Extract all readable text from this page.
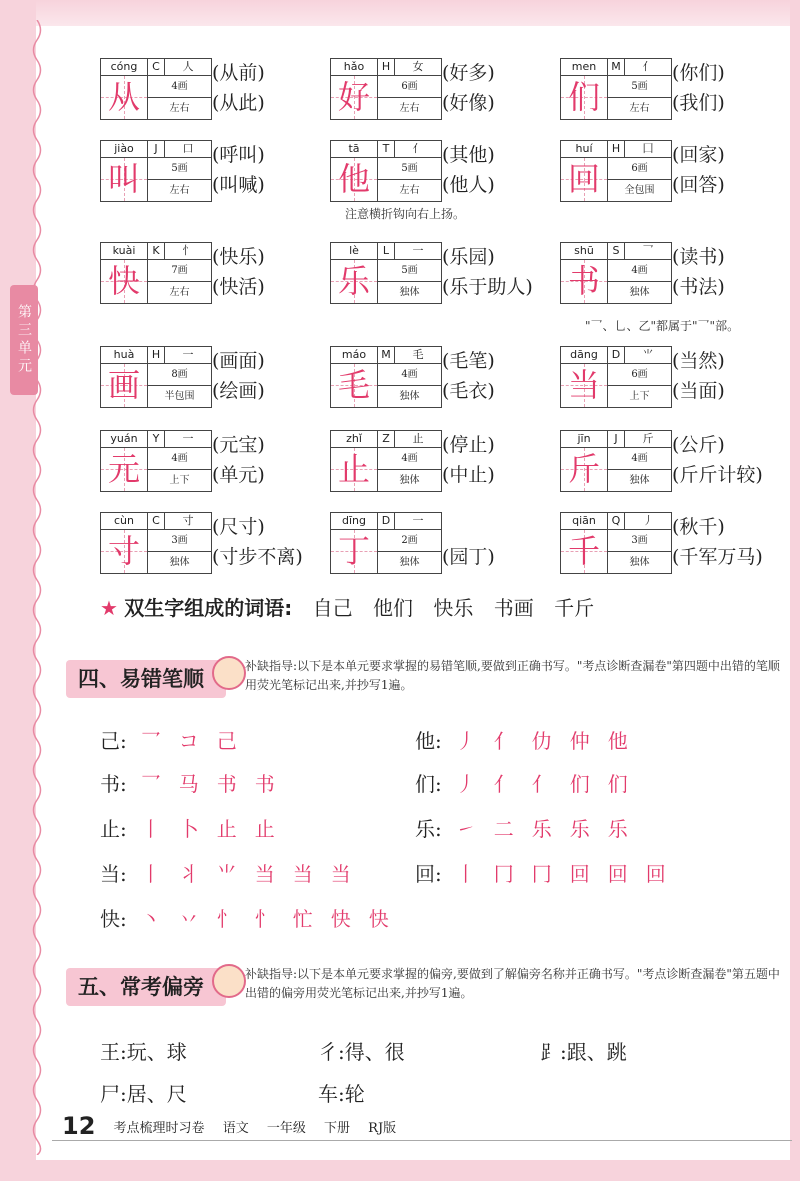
第三单元
cóng	C	人
从	4画
左右
(从前)
(从此)
hǎo	H	女
好	6画
左右
(好多)
(好像)
men	M	亻
们	5画
左右
(你们)
(我们)
jiào	J	口
叫	5画
左右
(呼叫)
(叫喊)
tā	T	亻
他	5画
左右
(其他)
(他人)
huí	H	囗
回	6画
全包围
(回家)
(回答)
kuài	K	忄
快	7画
左右
(快乐)
(快活)
lè	L	一
乐	5画
独体
(乐园)
(乐于助人)
shū	S	乛
书	4画
独体
(读书)
(书法)
huà	H	一
画	8画
半包围
(画面)
(绘画)
máo	M	毛
毛	4画
独体
(毛笔)
(毛衣)
dāng	D	⺌
当	6画
上下
(当然)
(当面)
yuán	Y	一
元	4画
上下
(元宝)
(单元)
zhǐ	Z	止
止	4画
独体
(停止)
(中止)
jīn	J	斤
斤	4画
独体
(公斤)
(斤斤计较)
cùn	C	寸
寸	3画
独体
(尺寸)
(寸步不离)
dīng	D	一
丁	2画
独体	(园丁)
qiān	Q	丿
千	3画
独体
(秋千)
(千军万马)
注意横折钩向右上扬。
"乛、乚、乙"都属于"乛"部。
★ 双生字组成的词语: 自己 他们 快乐 书画 千斤
四、易错笔顺
补缺指导:以下是本单元要求掌握的易错笔顺,要做到正确书写。"考点诊断查漏卷"第四题中出错的笔顺用荧光笔标记出来,并抄写1遍。
己: 乛 コ 己	他: 丿 亻 仂 仲 他
书: 乛 马 书 书	们: 丿 亻 亻 们 们
止: 丨 卜 止 止	乐: ㇀ 二 乐 乐 乐
当: 丨 丬 ⺌ 当 当 当	回: 丨 冂 冂 回 回 回
快: 丶 丷 忄 忄 忙 快 快
五、常考偏旁
补缺指导:以下是本单元要求掌握的偏旁,要做到了解偏旁名称并正确书写。"考点诊断查漏卷"第五题中出错的偏旁用荧光笔标记出来,并抄写1遍。
王:玩、球	彳:得、很	⻊:跟、跳
尸:居、尺	车:轮
12 考点梳理时习卷 语文 一年级 下册 RJ版
